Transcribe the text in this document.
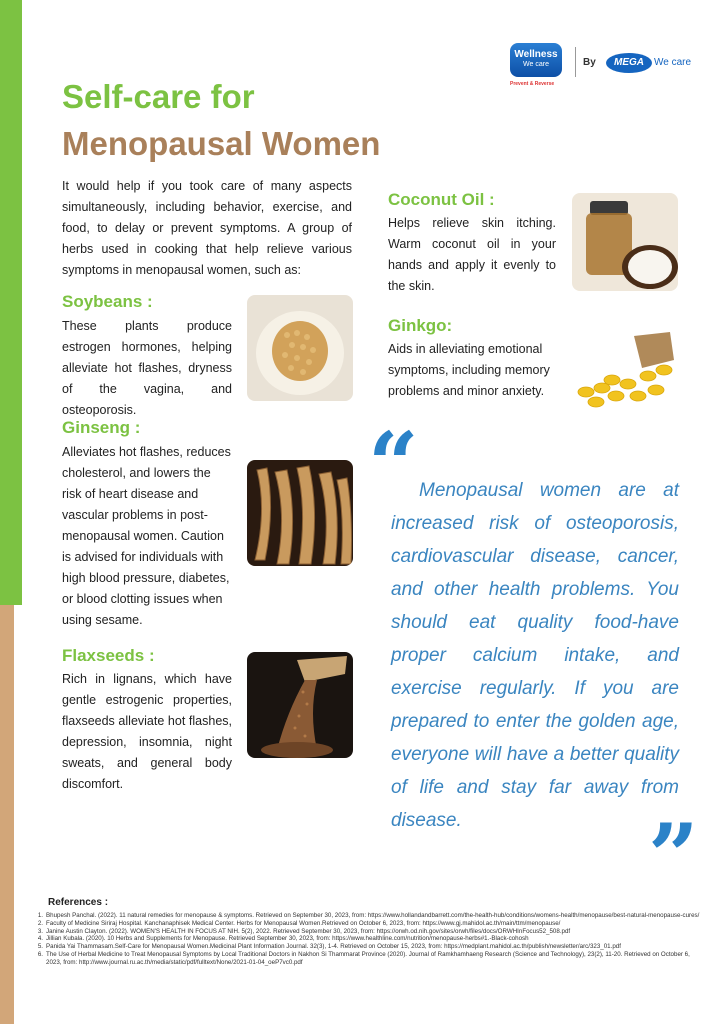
Wellness
We care
Prevent & Reverse
By	MEGA	We care
Self-care for
Menopausal Women
It would help if you took care of many aspects simultaneously, including behavior, exercise, and food, to delay or prevent symptoms. A group of herbs used in cooking that help relieve various symptoms in menopausal women, such as:
Soybeans :
These plants produce estrogen hormones, helping alleviate hot flashes, dryness of the vagina, and osteoporosis.
Ginseng :
Alleviates hot flashes, reduces cholesterol, and lowers the risk of heart disease and vascular problems in post-menopausal women. Caution is advised for individuals with high blood pressure, diabetes, or blood clotting issues when using sesame.
Flaxseeds :
Rich in lignans, which have gentle estrogenic properties, flaxseeds alleviate hot flashes, depression, insomnia, night sweats, and general body discomfort.
Coconut Oil :
Helps relieve skin itching. Warm coconut oil in your hands and apply it evenly to the skin.
Ginkgo:
Aids in alleviating emotional symptoms, including memory problems and minor anxiety.
“ Menopausal women are at increased risk of osteoporosis, cardiovascular disease, cancer, and other health problems. You should eat quality food-have proper calcium intake, and exercise regularly. If you are prepared to enter the golden age, everyone will have a better quality of life and stay far away from disease.	”
References :
1. Bhupesh Panchal. (2022). 11 natural remedies for menopause & symptoms. Retrieved on September 30, 2023, from: https://www.hollandandbarrett.com/the-health-hub/conditions/womens-health/menopause/best-natural-menopause-cures/
2. Faculty of Medicine Siriraj Hospital. Kanchanaphisek Medical Center. Herbs for Menopausal Women.Retrieved on October 6, 2023, from: https://www.gj.mahidol.ac.th/main/ttm/menopause/
3. Janine Austin Clayton. (2022). WOMEN'S HEALTH IN FOCUS AT NIH. 5(2), 2022. Retrieved September 30, 2023, from: https://orwh.od.nih.gov/sites/orwh/files/docs/ORWHInFocus52_508.pdf
4. Jillian Kubala. (2020). 10 Herbs and Supplements for Menopause. Retrieved September 30, 2023, from: https://www.healthline.com/nutrition/menopause-herbs#1.-Black-cohosh
5. Panida Yai Thammasam.Self-Care for Menopausal Women.Medicinal Plant Information Journal. 32(3), 1-4. Retrieved on October 15, 2023, from: https://medplant.mahidol.ac.th/publish/newsletter/arc/323_01.pdf
6. The Use of Herbal Medicine to Treat Menopausal Symptoms by Local Traditional Doctors in Nakhon Si Thammarat Province (2020). Journal of Ramkhamhaeng Research (Science and Technology), 23(2), 11-20. Retrieved on October 6, 2023, from: http://www.journal.ru.ac.th/media/static/pdf/fulltext/None/2021-01-04_oeP7vc0.pdf
